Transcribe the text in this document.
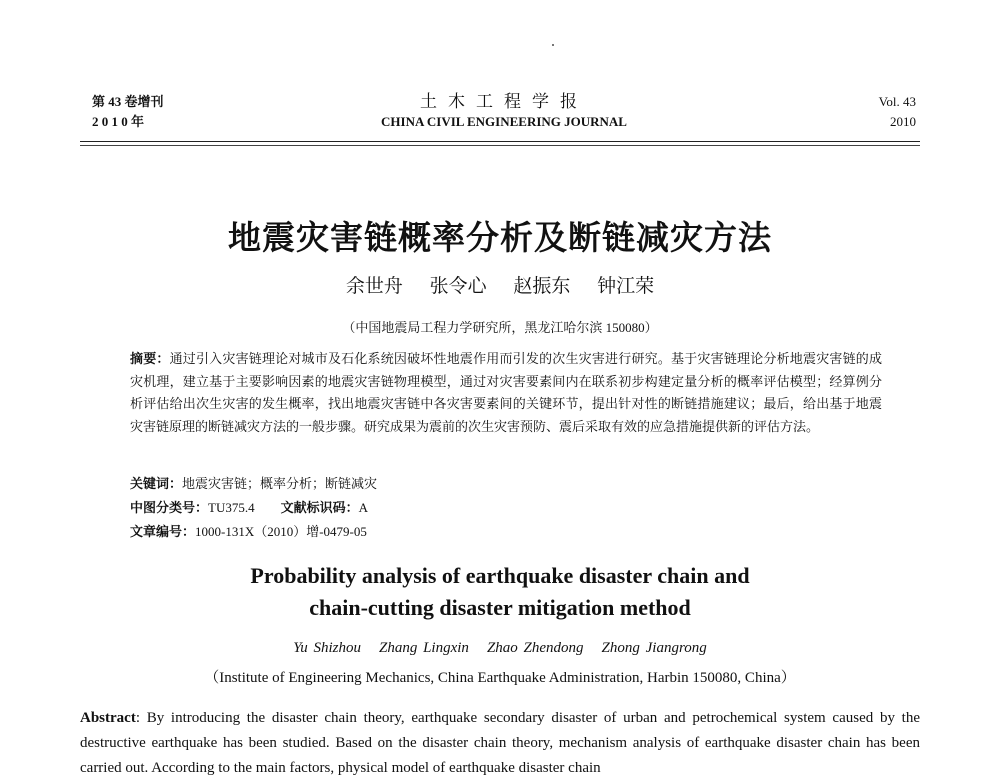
第 43 卷增刊
2 0 1 0 年
土木工程学报
CHINA CIVIL ENGINEERING JOURNAL
Vol. 43
2010
地震灾害链概率分析及断链减灾方法
余世舟 张令心 赵振东 钟江荣
（中国地震局工程力学研究所，黑龙江哈尔滨 150080）
摘要：通过引入灾害链理论对城市及石化系统因破坏性地震作用而引发的次生灾害进行研究。基于灾害链理论分析地震灾害链的成灾机理，建立基于主要影响因素的地震灾害链物理模型，通过对灾害要素间内在联系初步构建定量分析的概率评估模型；经算例分析评估给出次生灾害的发生概率，找出地震灾害链中各灾害要素间的关键环节，提出针对性的断链措施建议；最后，给出基于地震灾害链原理的断链减灾方法的一般步骤。研究成果为震前的次生灾害预防、震后采取有效的应急措施提供新的评估方法。
关键词：地震灾害链；概率分析；断链减灾
中图分类号：TU375.4 文献标识码：A
文章编号：1000-131X（2010）增-0479-05
Probability analysis of earthquake disaster chain and
chain-cutting disaster mitigation method
Yu Shizhou Zhang Lingxin Zhao Zhendong Zhong Jiangrong
（Institute of Engineering Mechanics, China Earthquake Administration, Harbin 150080, China）
Abstract: By introducing the disaster chain theory, earthquake secondary disaster of urban and petrochemical system caused by the destructive earthquake has been studied. Based on the disaster chain theory, mechanism analysis of earthquake disaster chain has been carried out. According to the main factors, physical model of earthquake disaster chain
